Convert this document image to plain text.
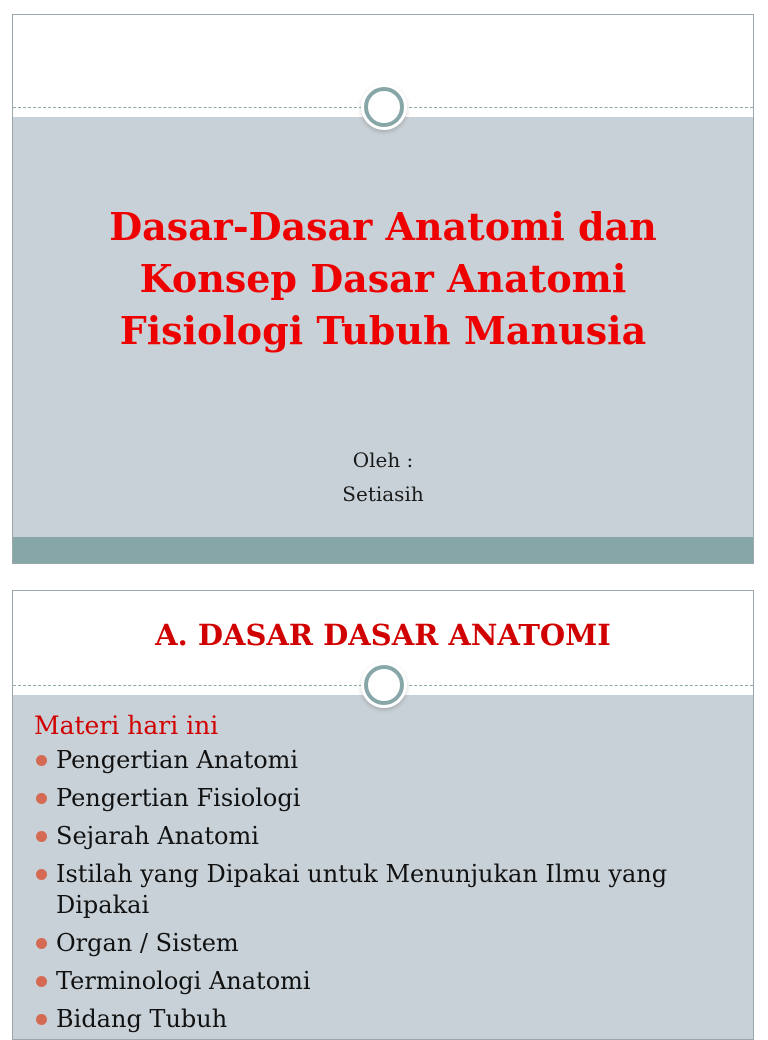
Dasar-Dasar Anatomi dan
Konsep Dasar Anatomi
Fisiologi Tubuh Manusia
Oleh :
Setiasih
A. DASAR DASAR ANATOMI
Materi hari ini
Pengertian Anatomi
Pengertian Fisiologi
Sejarah Anatomi
Istilah yang Dipakai untuk Menunjukan Ilmu yang Dipakai
Organ / Sistem
Terminologi Anatomi
Bidang Tubuh
